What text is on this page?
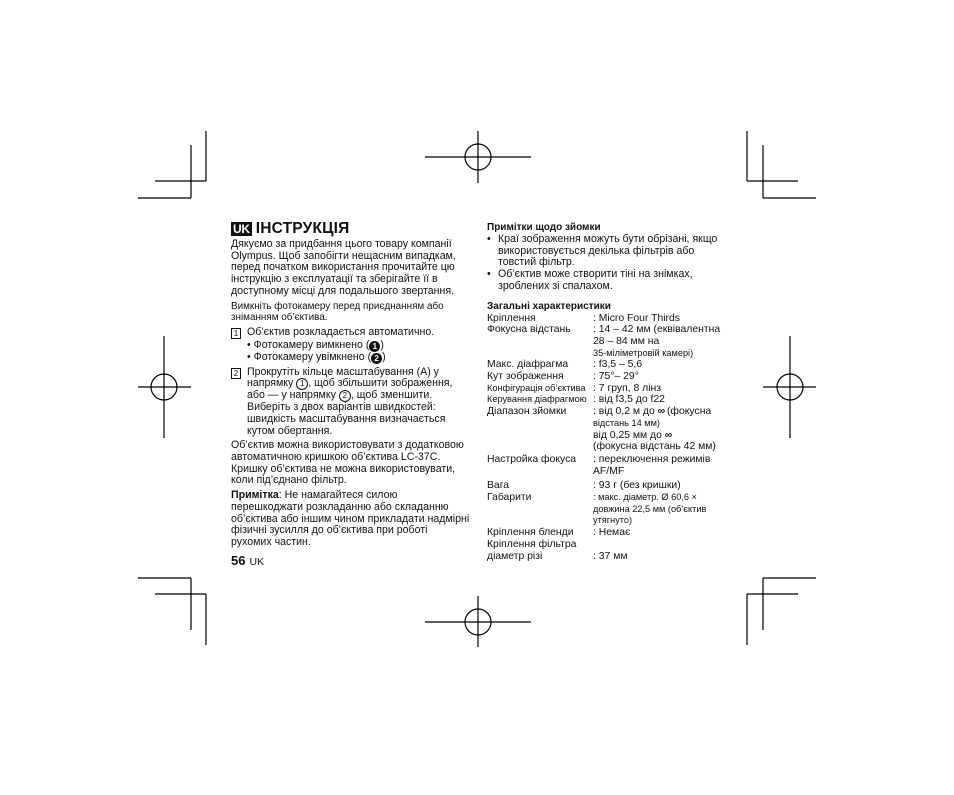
UK ІНСТРУКЦІЯ

Дякуємо за придбання цього товару компанії Olympus. Щоб запобігти нещасним випадкам, перед початком використання прочитайте цю інструкцію з експлуатації та зберігайте її в доступному місці для подальшого звертання.

Вимкніть фотокамеру перед приєднанням або зніманням об’єктива.

1 Об’єктив розкладається автоматично.
• Фотокамеру вимкнено ( 1 )
• Фотокамеру увімкнено ( 2 )
2 Прокрутіть кільце масштабування (A) у напрямку 1 , щоб збільшити зображення, або — у напрямку 2 , щоб зменшити. Виберіть з двох варіантів швидкостей: швидкість масштабування визначається кутом обертання.

Об’єктив можна використовувати з додатковою автоматичною кришкою об’єктива LC-37C. Кришку об’єктива не можна використовувати, коли під’єднано фільтр.

Примітка: Не намагайтеся силою перешкоджати розкладанню або складанню об’єктива або іншим чином прикладати надмірні фізичні зусилля до об’єктива при роботі рухомих частин.

56 UK

Примітки щодо зйомки

• Краї зображення можуть бути обрізані, якщо використовується декілька фільтрів або товстий фільтр.
• Об’єктив може створити тіні на знімках, зроблених зі спалахом.

Загальні характеристики

Кріплення	: Micro Four Thirds
Фокусна відстань	: 14 – 42 мм (еквівалентна
28 – 84 мм на
35-міліметровій камері)
Макс. діафрагма	: f3,5 – 5,6
Кут зображення	: 75°– 29°
Конфігурація об’єктива : 7 груп, 8 лінз
Керування діафрагмою : від f3,5 до f22
Діапазон зйомки	: від 0,2 м до ∞ (фокусна
відстань 14 мм)
від 0,25 мм до ∞
(фокусна відстань 42 мм)
Настройка фокуса	: переключення режимів
AF/MF
Вага	: 93 г (без кришки)
Габарити	: макс. діаметр. Ø 60,6 ×
довжина 22,5 мм (об’єктив
утягнуто)
Кріплення бленди	: Немає
Кріплення фільтра
діаметр різі	: 37 мм
